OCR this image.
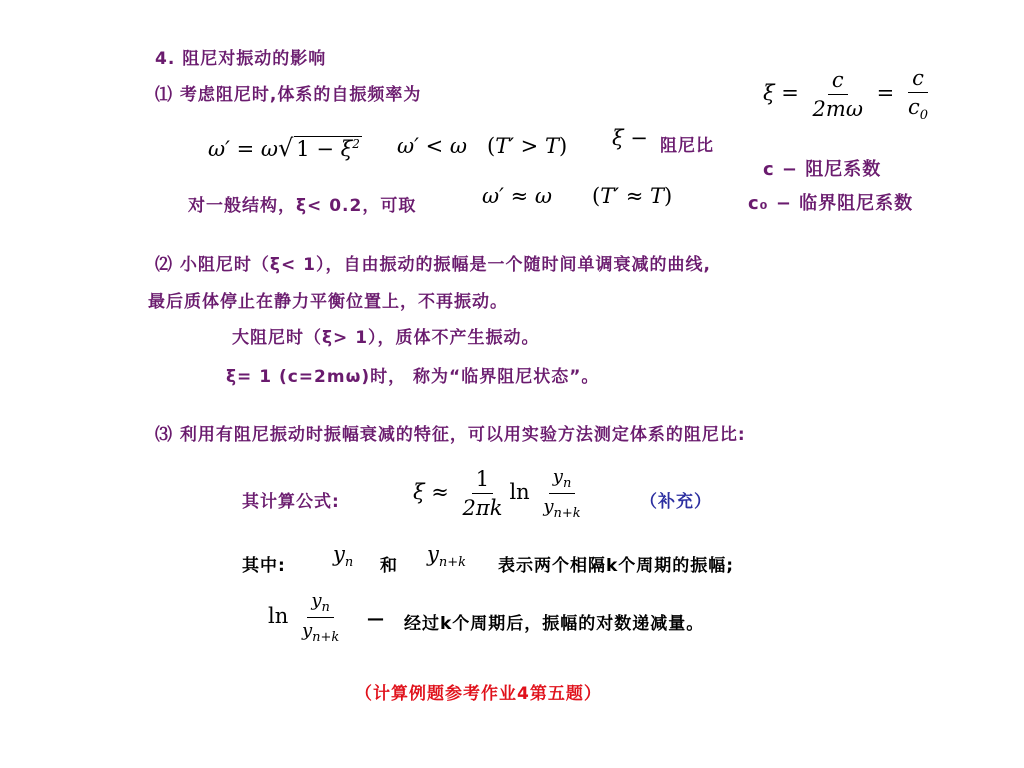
4. 阻尼对振动的影响
⑴ 考虑阻尼时,体系的自振频率为	$\xi = \frac{c}{2m\omega} = \frac{c}{c_0}$
ω′ = ω√ $1 - \xi^2$ ω′ < ω   (T′ > T) ξ − 阻尼比
c − 阻尼系数
c₀ − 临界阻尼系数
对一般结构，ξ< 0.2，可取	ω′ ≈ ω      (T′ ≈ T)
⑵ 小阻尼时（ξ< 1），自由振动的振幅是一个随时间单调衰减的曲线,
最后质体停止在静力平衡位置上，不再振动。
大阻尼时（ξ> 1），质体不产生振动。
ξ= 1 (c=2mω)时， 称为“临界阻尼状态”。
⑶ 利用有阻尼振动时振幅衰减的特征，可以用实验方法测定体系的阻尼比:
其计算公式:	$\xi \approx \frac{1}{2\pi k}$ $\ln \frac{y_n}{y_{n+k}}$	（补充）
其中: $y_n$ 和 $y_{n+k}$ 表示两个相隔k个周期的振幅;
$\ln \frac{y_n}{y_{n+k}}$ — 经过k个周期后，振幅的对数递减量。
（计算例题参考作业4第五题）
